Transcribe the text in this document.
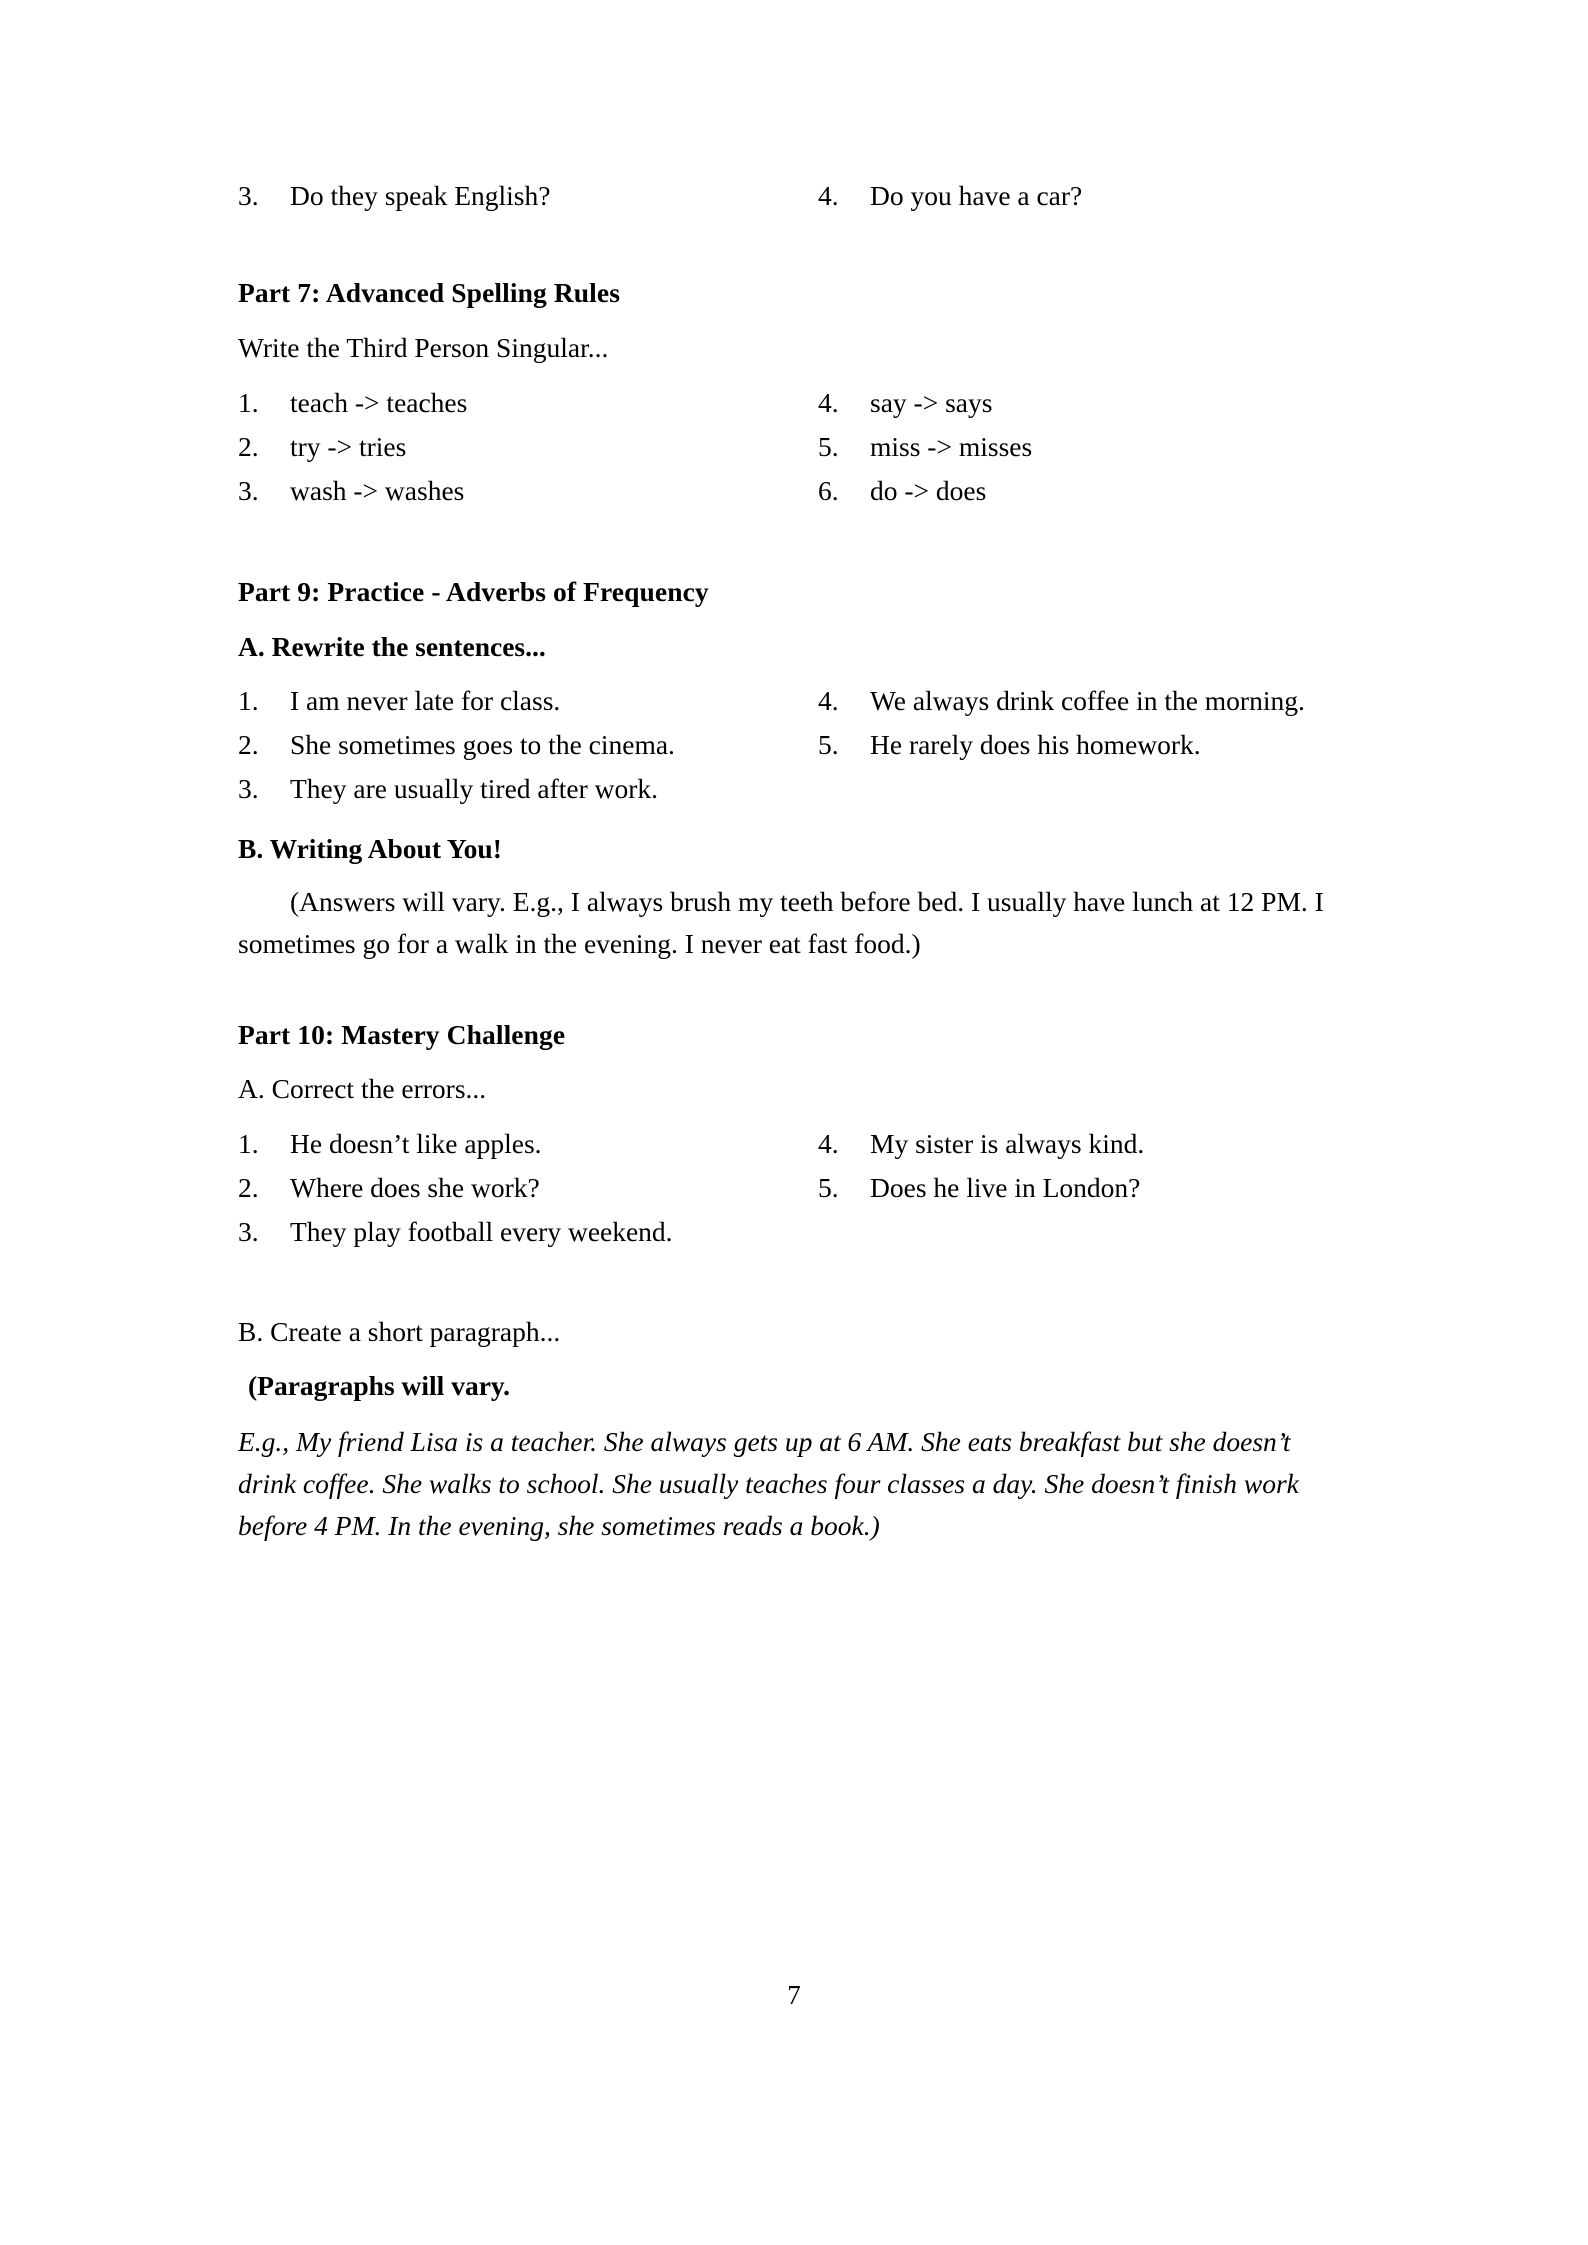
3. Do they speak English?	4. Do you have a car?
Part 7: Advanced Spelling Rules
Write the Third Person Singular...
1. teach -> teaches
2. try -> tries
3. wash -> washes
4. say -> says
5. miss -> misses
6. do -> does
Part 9: Practice - Adverbs of Frequency
A. Rewrite the sentences...
1. I am never late for class.
2. She sometimes goes to the cinema.
3. They are usually tired after work.
4. We always drink coffee in the morning.
5. He rarely does his homework.
B. Writing About You!
(Answers will vary. E.g., I always brush my teeth before bed. I usually have lunch at 12 PM. I sometimes go for a walk in the evening. I never eat fast food.)
Part 10: Mastery Challenge
A. Correct the errors...
1. He doesn’t like apples.
2. Where does she work?
3. They play football every weekend.
4. My sister is always kind.
5. Does he live in London?
B. Create a short paragraph...
(Paragraphs will vary.
E.g., My friend Lisa is a teacher. She always gets up at 6 AM. She eats breakfast but she doesn’t drink coffee. She walks to school. She usually teaches four classes a day. She doesn’t finish work before 4 PM. In the evening, she sometimes reads a book.)
7
